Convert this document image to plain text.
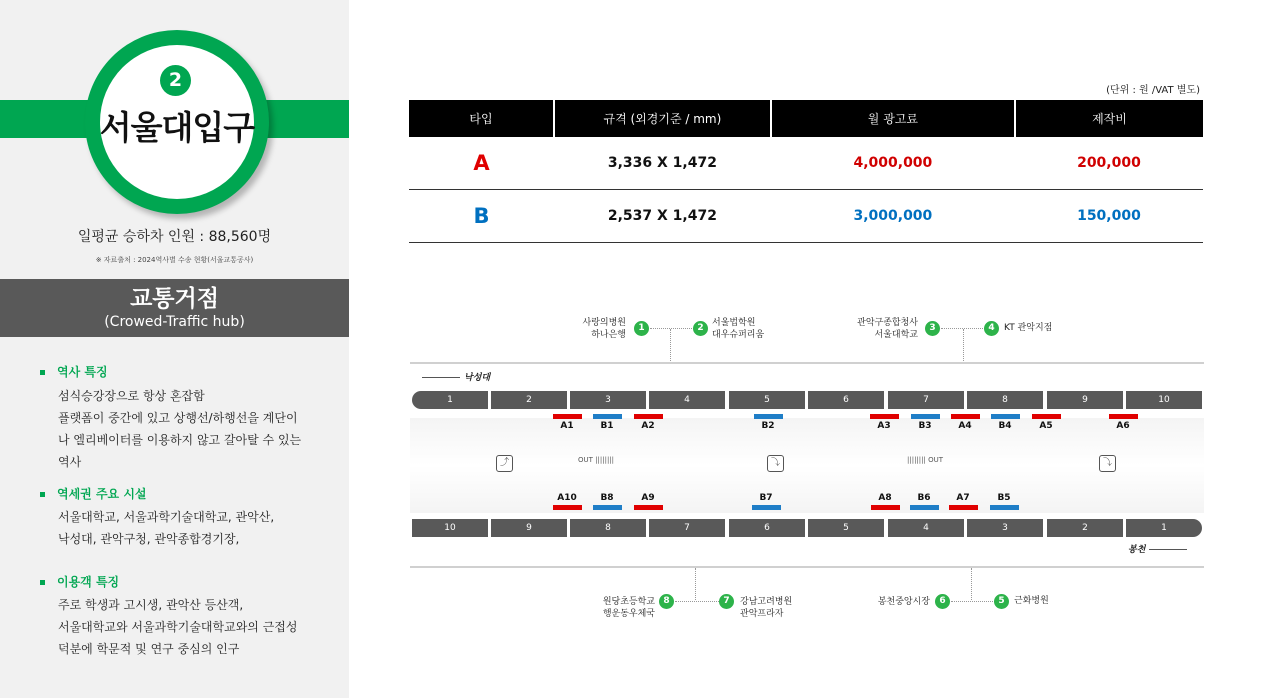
2
서울대입구
일평균 승하차 인원 : 88,560명
※ 자료출처 : 2024역사별 수송 현황(서울교통공사)
교통거점
(Crowed-Traffic hub)
역사 특징
섬식승강장으로 항상 혼잡함
플랫폼이 중간에 있고 상행선/하행선을 계단이
나 엘리베이터를 이용하지 않고 갈아탈 수 있는
역사
역세권 주요 시설
서울대학교, 서울과학기술대학교, 관악산,
낙성대, 관악구청, 관악종합경기장,
이용객 특징
주로 학생과 고시생, 관악산 등산객,
서울대학교와 서울과학기술대학교와의 근접성
덕분에 학문적 및 연구 중심의 인구
(단위 : 원 /VAT 별도)
타입	규격 (외경기준 / mm)	월 광고료	제작비
A	3,336 X 1,472	4,000,000	200,000
B	2,537 X 1,472	3,000,000	150,000
사랑의병원
하나은행
1	2 서울법학원
대우슈퍼리움
관악구종합청사
서울대학교
3	4	KT 관악지점
낙성대
1	2	3	4	5	6	7	8	9	10
A1	B1	A2	B2	A3	B3	A4	B4	A5	A6
⤴	OUT ||||||||	⤵	|||||||| OUT	⤵
A10	B8	A9	B7	A8	B6	A7	B5
10	9	8	7	6	5	4	3	2	1
봉천
원당초등학교
행운동우체국
8	7	강남고려병원
관악프라자
봉천중앙시장	6	5	근화병원
